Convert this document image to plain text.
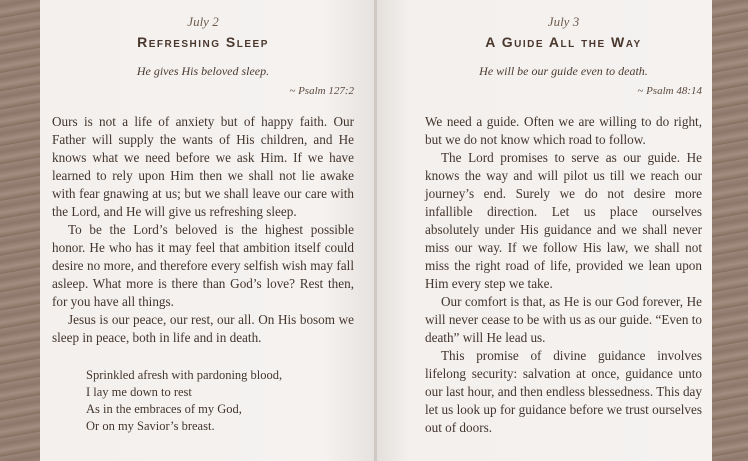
July 2

Refreshing Sleep

He gives His beloved sleep.

~ Psalm 127:2

Ours is not a life of anxiety but of happy faith. Our Father will supply the wants of His children, and He knows what we need before we ask Him. If we have learned to rely upon Him then we shall not lie awake with fear gnawing at us; but we shall leave our care with the Lord, and He will give us refreshing sleep.

To be the Lord’s beloved is the highest possible honor. He who has it may feel that ambition itself could desire no more, and therefore every selfish wish may fall asleep. What more is there than God’s love? Rest then, for you have all things.

Jesus is our peace, our rest, our all. On His bosom we sleep in peace, both in life and in death.

Sprinkled afresh with pardoning blood,

I lay me down to rest

As in the embraces of my God,

Or on my Savior’s breast.

July 3

A Guide All the Way

He will be our guide even to death.

~ Psalm 48:14

We need a guide. Often we are willing to do right, but we do not know which road to follow.

The Lord promises to serve as our guide. He knows the way and will pilot us till we reach our journey’s end. Surely we do not desire more infallible direction. Let us place ourselves absolutely under His guidance and we shall never miss our way. If we follow His law, we shall not miss the right road of life, provided we lean upon Him every step we take.

Our comfort is that, as He is our God forever, He will never cease to be with us as our guide. “Even to death” will He lead us.

This promise of divine guidance involves lifelong security: salvation at once, guidance unto our last hour, and then endless blessedness. This day let us look up for guidance before we trust ourselves out of doors.
